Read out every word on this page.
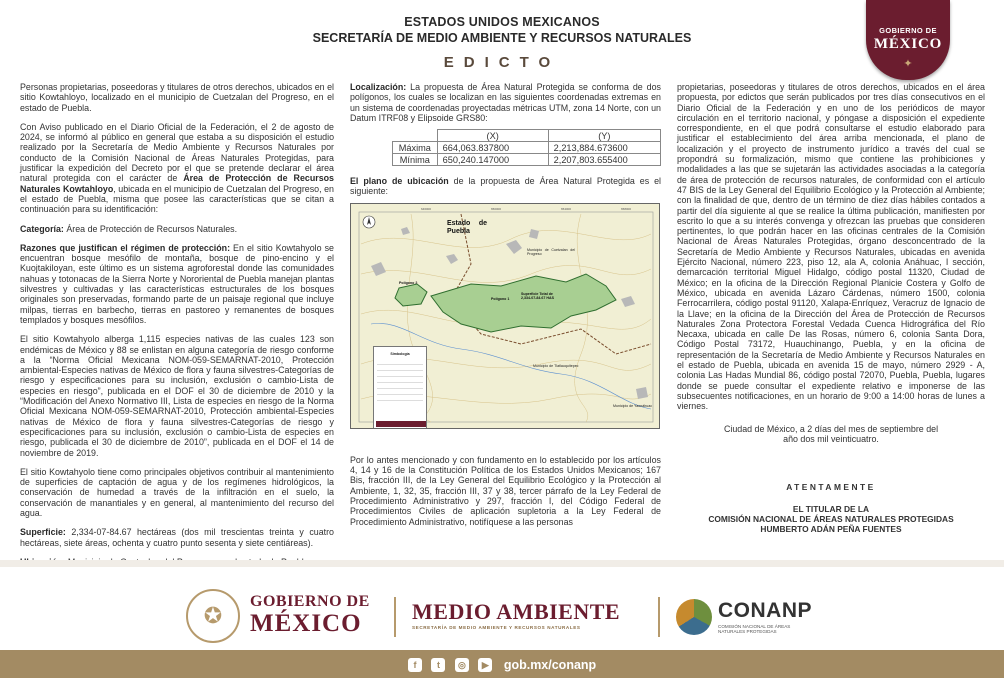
ESTADOS UNIDOS MEXICANOS
SECRETARÍA DE MEDIO AMBIENTE Y RECURSOS NATURALES
EDICTO
GOBIERNO DE
MÉXICO
✦

Personas propietarias, poseedoras y titulares de otros derechos, ubicados en el sitio Kowtahloyo, localizado en el municipio de Cuetzalan del Progreso, en el estado de Puebla.

Con Aviso publicado en el Diario Oficial de la Federación, el 2 de agosto de 2024, se informó al público en general que estaba a su disposición el estudio realizado por la Secretaría de Medio Ambiente y Recursos Naturales por conducto de la Comisión Nacional de Áreas Naturales Protegidas, para justificar la expedición del Decreto por el que se pretende declarar el área natural protegida con el carácter de Área de Protección de Recursos Naturales Kowtahloyo, ubicada en el municipio de Cuetzalan del Progreso, en el estado de Puebla, misma que posee las características que se citan a continuación para su identificación:

Categoría: Área de Protección de Recursos Naturales.

Razones que justifican el régimen de protección: En el sitio Kowtahyolo se encuentran bosque mesófilo de montaña, bosque de pino-encino y el Kuojtakiloyan, este último es un sistema agroforestal donde las comunidades nahuas y totonacas de la Sierra Norte y Nororiental de Puebla manejan plantas silvestres y cultivadas y las características estructurales de los bosques originales son preservadas, formando parte de un paisaje regional que incluye milpas, tierras en barbecho, tierras en pastoreo y remanentes de bosques templados y bosques mesófilos.

El sitio Kowtahyolo alberga 1,115 especies nativas de las cuales 123 son endémicas de México y 88 se enlistan en alguna categoría de riesgo conforme a la “Norma Oficial Mexicana NOM-059-SEMARNAT-2010, Protección ambiental-Especies nativas de México de flora y fauna silvestres-Categorías de riesgo y especificaciones para su inclusión, exclusión o cambio-Lista de especies en riesgo”, publicada en el DOF el 30 de diciembre de 2010 y la “Modificación del Anexo Normativo III, Lista de especies en riesgo de la Norma Oficial Mexicana NOM-059-SEMARNAT-2010, Protección ambiental-Especies nativas de México de flora y fauna silvestres-Categorías de riesgo y especificaciones para su inclusión, exclusión o cambio-Lista de especies en riesgo, publicada el 30 de diciembre de 2010”, publicada en el DOF el 14 de noviembre de 2019.

El sitio Kowtahyolo tiene como principales objetivos contribuir al mantenimiento de superficies de captación de agua y de los regímenes hidrológicos, la conservación de humedad a través de la infiltración en el suelo, la conservación de manantiales y en general, al mantenimiento del recurso del agua.

Superficie: 2,334-07-84.67 hectáreas (dos mil trescientas treinta y cuatro hectáreas, siete áreas, ochenta y cuatro punto sesenta y siete centiáreas).

Localización: La propuesta de Área Natural Protegida se conforma de dos polígonos, los cuales se localizan en las siguientes coordenadas extremas en un sistema de coordenadas proyectadas métricas UTM, zona 14 Norte, con un Datum ITRF08 y Elipsoide GRS80:

	(X)	(Y)
Máxima	664,063.837800	2,213,884.673600
Mínima	650,240.147000	2,207,803.655400

El plano de ubicación de la propuesta de Área Natural Protegida es el siguiente:

646000	650000	654000	658000
Estado de Puebla
Municipio de Cuetzalan del Progreso
Municipio de Tlatlauquitepec
Municipio de Yaonáhuac
Polígono 1
Polígono 2
Superficie Total de
2,334-07-84.67 HAS
Simbología

Por lo antes mencionado y con fundamento en lo establecido por los artículos 4, 14 y 16 de la Constitución Política de los Estados Unidos Mexicanos; 167 Bis, fracción III, de la Ley General del Equilibrio Ecológico y la Protección al Ambiente, 1, 32, 35, fracción III, 37 y 38, tercer párrafo de la Ley Federal de Procedimiento Administrativo y 297, fracción I, del Código Federal de Procedimientos Civiles de aplicación supletoria a la Ley Federal de Procedimiento Administrativo, notifíquese a las personas

propietarias, poseedoras y titulares de otros derechos, ubicados en el área propuesta, por edictos que serán publicados por tres días consecutivos en el Diario Oficial de la Federación y en uno de los periódicos de mayor circulación en el territorio nacional, y póngase a disposición el expediente correspondiente, en el que podrá consultarse el estudio elaborado para justificar el establecimiento del área arriba mencionada, el plano de localización y el proyecto de instrumento jurídico a través del cual se propondrá su formalización, mismo que contiene las prohibiciones y modalidades a las que se sujetarán las actividades asociadas a la categoría de área de protección de recursos naturales, de conformidad con el artículo 47 BIS de la Ley General del Equilibrio Ecológico y la Protección al Ambiente; con la finalidad de que, dentro de un término de diez días hábiles contados a partir del día siguiente al que se realice la última publicación, manifiesten por escrito lo que a su interés convenga y ofrezcan las pruebas que consideren pertinentes, lo que podrán hacer en las oficinas centrales de la Comisión Nacional de Áreas Naturales Protegidas, órgano desconcentrado de la Secretaría de Medio Ambiente y Recursos Naturales, ubicadas en avenida Ejército Nacional, número 223, piso 12, ala A, colonia Anáhuac, I sección, demarcación territorial Miguel Hidalgo, código postal 11320, Ciudad de México; en la oficina de la Dirección Regional Planicie Costera y Golfo de México, ubicada en avenida Lázaro Cárdenas, número 1500, colonia Ferrocarrilera, código postal 91120, Xalapa-Enríquez, Veracruz de Ignacio de la Llave; en la oficina de la Dirección del Área de Protección de Recursos Naturales Zona Protectora Forestal Vedada Cuenca Hidrográfica del Río Necaxa, ubicada en calle De las Rosas, número 6, colonia Santa Dora, Código Postal 73172, Huauchinango, Puebla, y en la oficina de representación de la Secretaría de Medio Ambiente y Recursos Naturales en el estado de Puebla, ubicada en avenida 15 de mayo, número 2929 - A, colonia Las Hadas Mundial 86, código postal 72070, Puebla, Puebla, lugares donde se puede consultar el expediente relativo e imponerse de las subsecuentes notificaciones, en un horario de 9:00 a 14:00 horas de lunes a viernes.

Ciudad de México, a 2 días del mes de septiembre del año dos mil veinticuatro.
ATENTAMENTE
EL TITULAR DE LA
COMISIÓN NACIONAL DE ÁREAS NATURALES PROTEGIDAS
HUMBERTO ADÁN PEÑA FUENTES
✪
GOBIERNO DE
MÉXICO	MEDIO AMBIENTE
SECRETARÍA DE MEDIO AMBIENTE Y RECURSOS NATURALES
CONANP
COMISIÓN NACIONAL DE ÁREAS NATURALES PROTEGIDAS
f t ◎ ▶ gob.mx/conanp
